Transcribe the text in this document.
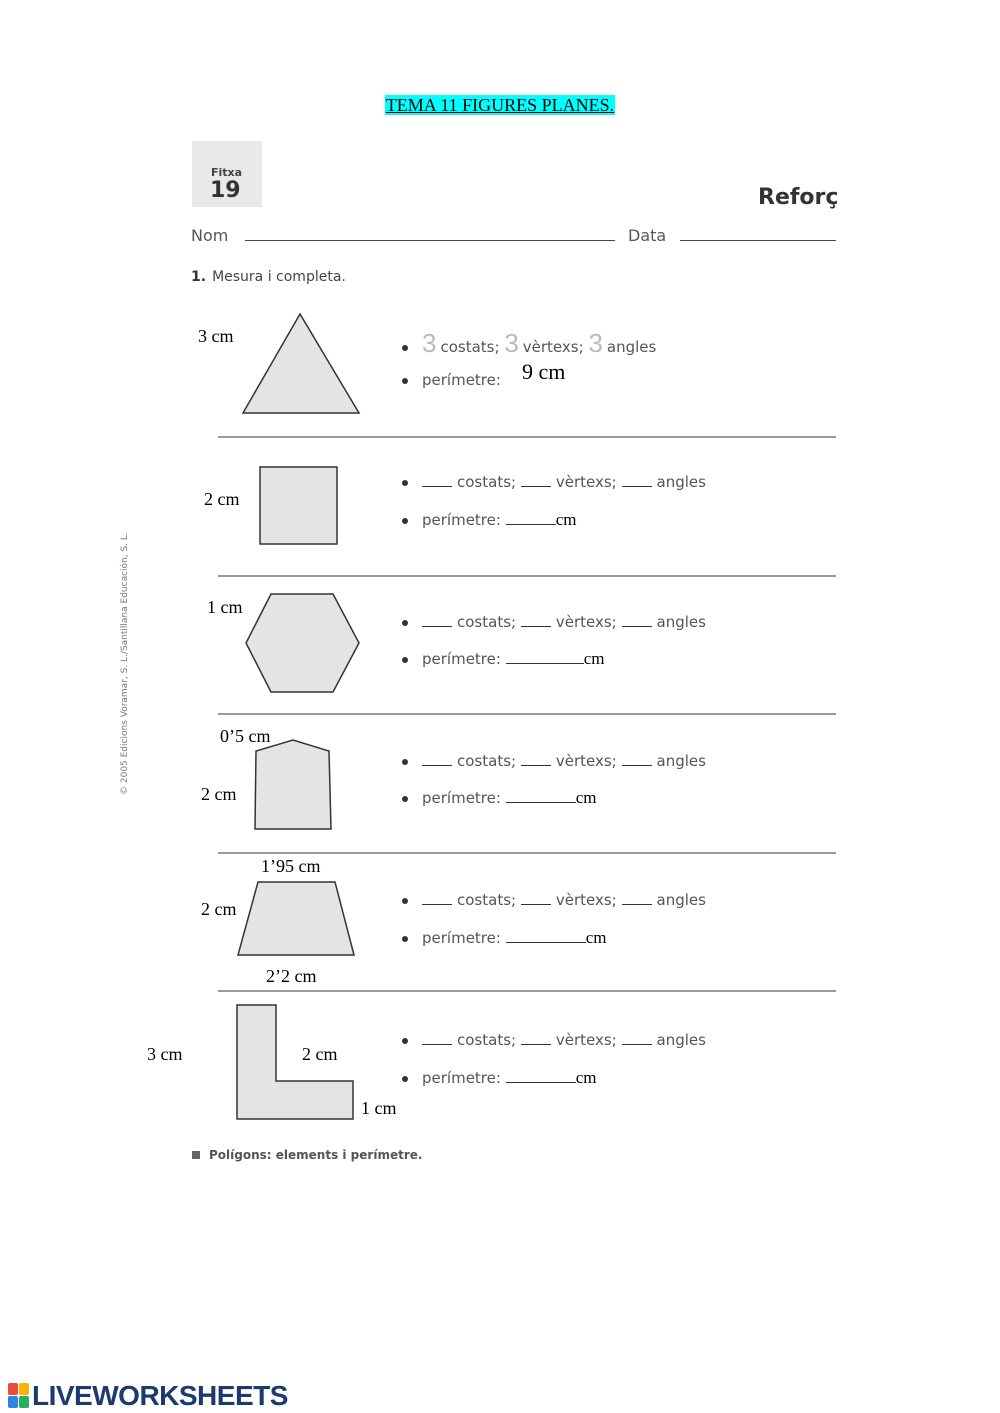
TEMA 11 FIGURES PLANES.
Fitxa
19	Reforç
Nom	Data
1. Mesura i completa.
© 2005 Edicions Voramar, S. L./Santillana Educación, S. L.
3 cm
2 cm
1 cm
0’5 cm
2 cm
1’95 cm
2 cm
2’2 cm
3 cm	2 cm
1 cm
3 costats; 3 vèrtexs; 3 angles
perímetre: 9 cm
costats;	vèrtexs;	angles
perímetre:	cm
costats;	vèrtexs;	angles
perímetre:	cm
costats;	vèrtexs;	angles
perímetre:	cm
costats;	vèrtexs;	angles
perímetre:	cm
costats;	vèrtexs;	angles
perímetre:	cm
Polígons: elements i perímetre.
LIVEWORKSHEETS
